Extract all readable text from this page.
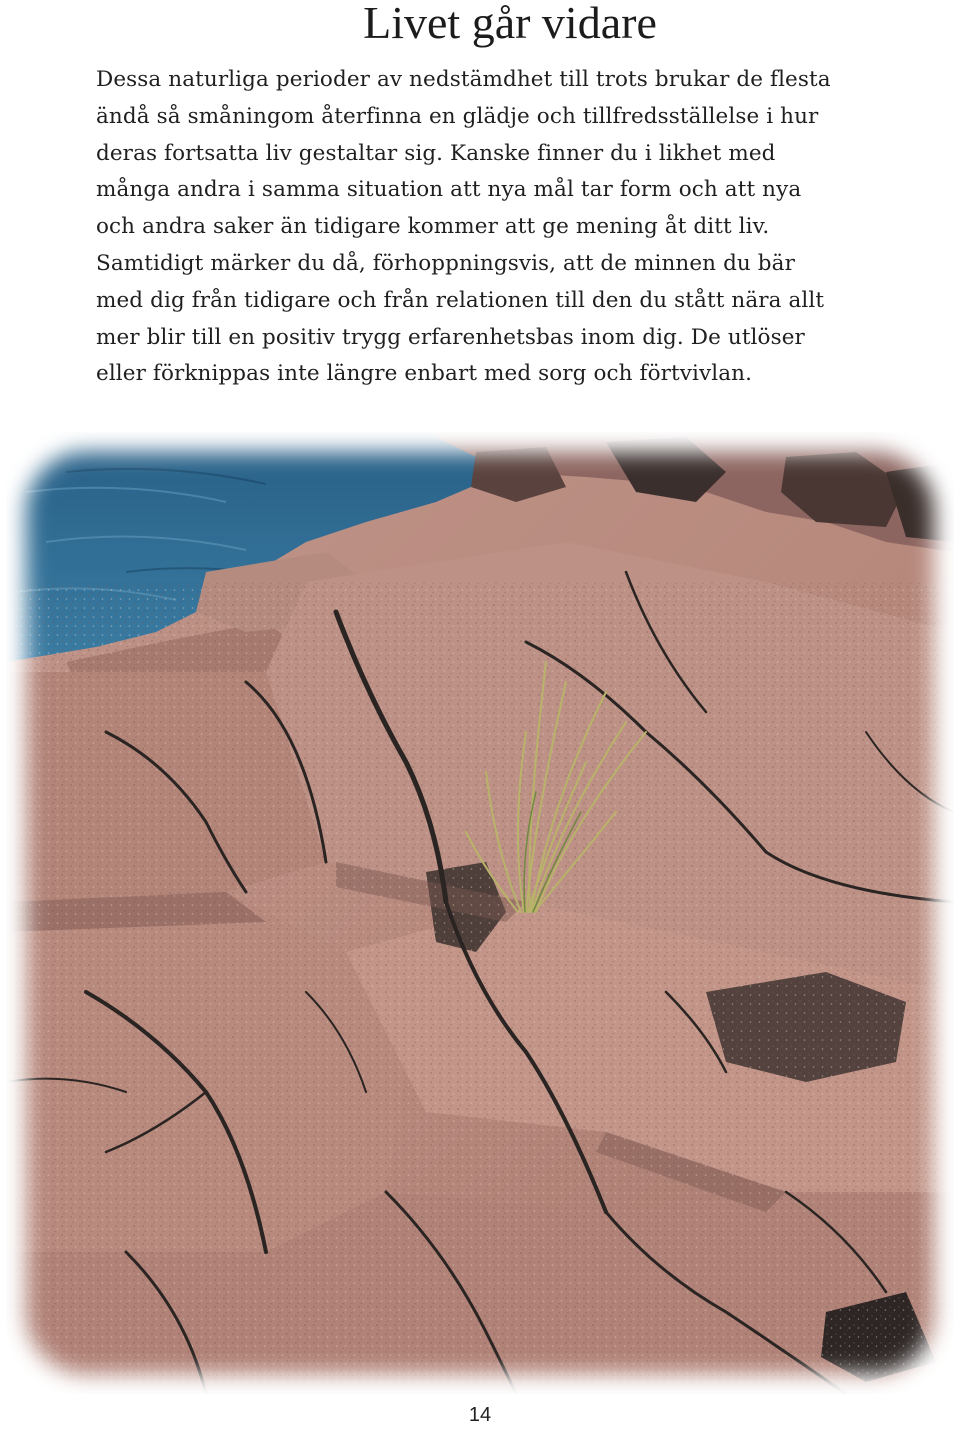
Livet går vidare
Dessa naturliga perioder av nedstämdhet till trots brukar de flesta
ändå så småningom återfinna en glädje och tillfredsställelse i hur
deras fortsatta liv gestaltar sig. Kanske finner du i likhet med
många andra i samma situation att nya mål tar form och att nya
och andra saker än tidigare kommer att ge mening åt ditt liv.
Samtidigt märker du då, förhoppningsvis, att de minnen du bär
med dig från tidigare och från relationen till den du stått nära allt
mer blir till en positiv trygg erfarenhetsbas inom dig. De utlöser
eller förknippas inte längre enbart med sorg och förtvivlan.
14
